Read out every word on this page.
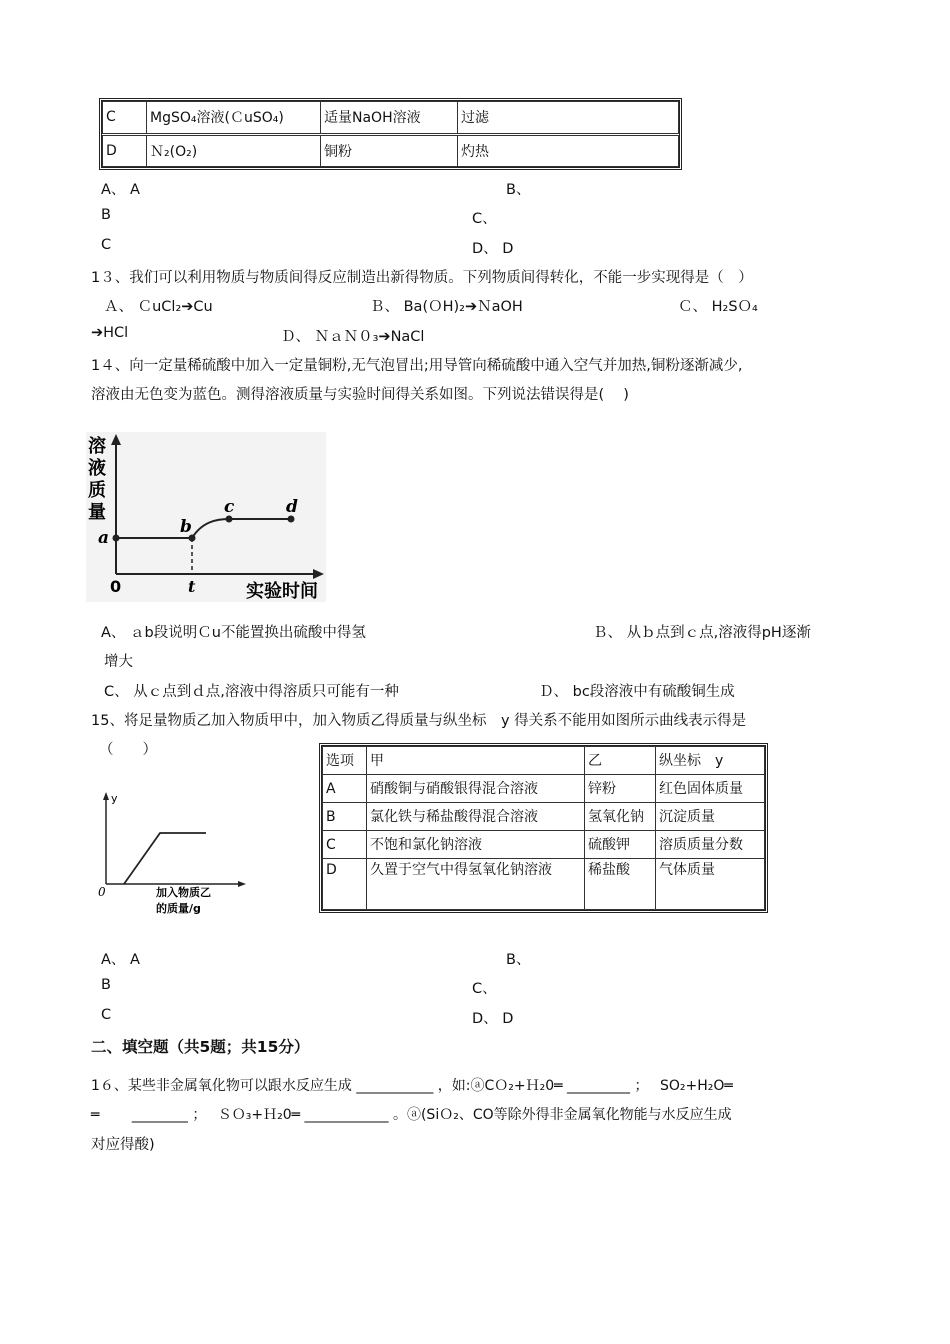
C	MgSO₄溶液(ＣuSO₄)	适量NaOH溶液	过滤
D	Ｎ₂(O₂)	铜粉	灼热
A、 A	B、
B	C、
C	D、 D
1３、我们可以利用物质与物质间得反应制造出新得物质。下列物质间得转化，不能一步实现得是（　）
Ａ、 ＣuCl₂➔Cu	Ｂ、 Ba(ＯH)₂➔ＮaOH	Ｃ、 H₂SＯ₄
➔HCl	Ｄ、 ＮａＮ０₃➔NaCl
1４、向一定量稀硫酸中加入一定量铜粉,无气泡冒出;用导管向稀硫酸中通入空气并加热,铜粉逐渐减少,
溶液由无色变为蓝色。测得溶液质量与实验时间得关系如图。下列说法错误得是(　 )
溶
液
质
量
a
b
c	d
0	t	实验时间
A、 ａb段说明Ｃu不能置换出硫酸中得氢	Ｂ、 从ｂ点到ｃ点,溶液得pH逐渐
增大
C、 从ｃ点到ｄ点,溶液中得溶质只可能有一种	Ｄ、 bc段溶液中有硫酸铜生成
15、将足量物质乙加入物质甲中，加入物质乙得质量与纵坐标　y 得关系不能用如图所示曲线表示得是
（　　）
y
0	加入物质乙
的质量/g
选项	甲	乙	纵坐标　y
A	硝酸铜与硝酸银得混合溶液	锌粉	红色固体质量
B	氯化铁与稀盐酸得混合溶液	氢氧化钠	沉淀质量
C	不饱和氯化钠溶液	硫酸钾	溶质质量分数
D	久置于空气中得氢氧化钠溶液	稀盐酸	气体质量
A、 A	B、
B	C、
C	D、 D
二、填空题（共5题；共15分）
1６、某些非金属氧化物可以跟水反应生成 ___________ ，如:ⓐCＯ₂+Ｈ₂0═ _________ ；　 SO₂+H₂O═
═　　 ________ ；　 ＳＯ₃+Ｈ₂0═ ____________ 。ⓐ(SiＯ₂、CO等除外得非金属氧化物能与水反应生成
对应得酸)
